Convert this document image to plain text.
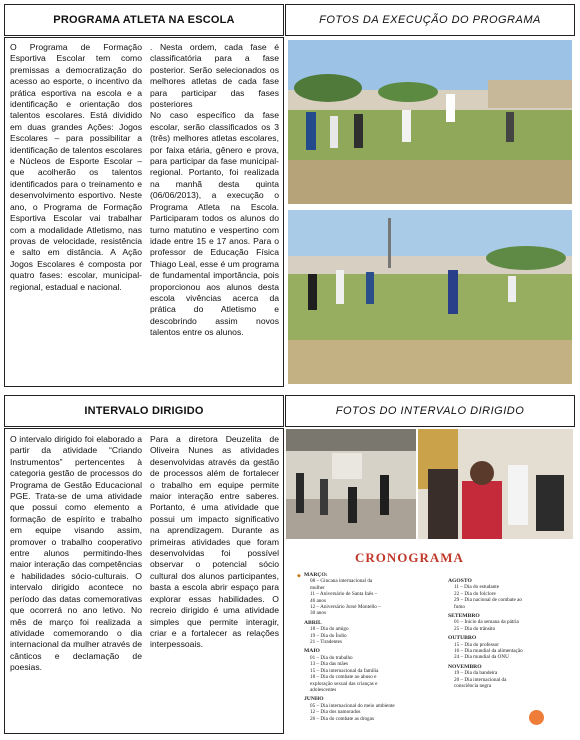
PROGRAMA ATLETA NA ESCOLA	FOTOS DA EXECUÇÃO DO PROGRAMA
O Programa de Formação Esportiva Escolar tem como premissas a democratização do acesso ao esporte, o incentivo da prática esportiva na escola e a identificação e orientação dos talentos escolares. Está dividido em duas grandes Ações: Jogos Escolares – para possibilitar a identificação de talentos escolares e Núcleos de Esporte Escolar – que acolherão os talentos identificados para o treinamento e desenvolvimento esportivo. Neste ano, o Programa de Formação Esportiva Escolar vai trabalhar com a modalidade Atletismo, nas provas de velocidade, resistência e salto em distância. A Ação Jogos Escolares é composta por quatro fases: escolar, municipal-regional, estadual e nacional.
. Nesta ordem, cada fase é classificatória para a fase posterior. Serão selecionados os melhores atletas de cada fase para participar das fases posteriores
No caso específico da fase escolar, serão classificados os 3 (três) melhores atletas escolares, por faixa etária, gênero e prova, para participar da fase municipal-regional. Portanto, foi realizada na manhã desta quinta (06/06/2013), a execução o Programa Atleta na Escola. Participaram todos os alunos do turno matutino e vespertino com idade entre 15 e 17 anos. Para o professor de Educação Física Thiago Leal, esse é um programa de fundamental importância, pois proporcionou aos alunos desta escola vivências acerca da prática do Atletismo e descobrindo assim novos talentos entre os alunos.
INTERVALO DIRIGIDO	FOTOS DO INTERVALO DIRIGIDO
O intervalo dirigido foi elaborado a partir da atividade “Criando Instrumentos” pertencentes à categoria gestão de processos do Programa de Gestão Educacional PGE. Trata-se de uma atividade que possui como elemento a formação de espírito e trabalho em equipe visando assim, promover o trabalho cooperativo entre alunos permitindo-lhes maior interação das competências e habilidades sócio-culturais. O intervalo dirigido acontece no período das datas comemorativas que ocorrerá no ano letivo. No mês de março foi realizada a atividade comemorando o dia internacional da mulher através de cânticos e declamação de poesias.
Para a diretora Deuzelita de Oliveira Nunes as atividades desenvolvidas através da gestão de processos além de fortalecer o trabalho em equipe permite maior interação entre saberes. Portanto, é uma atividade que possui um impacto significativo na aprendizagem. Durante as primeiras atividades que foram desenvolvidas foi possível observar o potencial sócio cultural dos alunos participantes, basta a escola abrir espaço para explorar essas habilidades. O recreio dirigido é uma atividade simples que permite interagir, criar e a fortalecer as relações interpessoais.
CRONOGRAMA
◆ MARÇO:
08 – Gincana internacional da
mulher
11 – Aniversário de Santa Inês –
46 anos
12 – Aniversário Jorsé Montello –
30 anos
ABRIL
18 – Dia do amigo
19 – Dia do Índio
21 – Tiradentes
MAIO
01 – Dia do trabalho
13 – Dia das mães
15 – Dia internacional da família
18 – Dia do combate ao abuso e
exploração sexual das crianças e
adolescentes
JUNHO
05 – Dia internacional do meio ambiente
12 – Dia dos namorados
26 – Dia do combate as drogas
AGOSTO
11 – Dia do estudante
22 – Dia do folclore
29 – Dia nacional de combate ao
fumo
SETEMBRO
01 – Início da semana da pátria
25 – Dia do trânsito
OUTUBRO
15 – Dia do professor
16 – Dia mundial da alimentação
24 – Dia mundial da ONU
NOVEMBRO
19 – Dia da bandeira
20 – Dia internacional da
consciência negra
